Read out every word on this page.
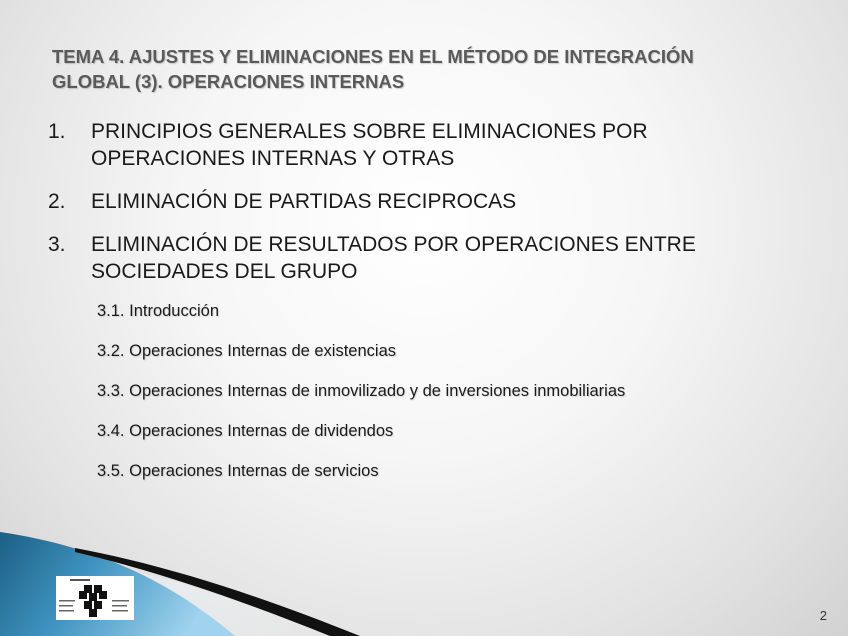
TEMA 4. AJUSTES Y ELIMINACIONES EN EL MÉTODO DE INTEGRACIÓN
GLOBAL (3). OPERACIONES INTERNAS
1. PRINCIPIOS GENERALES SOBRE ELIMINACIONES POR
OPERACIONES INTERNAS Y OTRAS
2. ELIMINACIÓN DE PARTIDAS RECIPROCAS
3. ELIMINACIÓN DE RESULTADOS POR OPERACIONES ENTRE
SOCIEDADES DEL GRUPO
3.1. Introducción
3.2. Operaciones Internas de existencias
3.3. Operaciones Internas de inmovilizado y de inversiones inmobiliarias
3.4. Operaciones Internas de dividendos
3.5. Operaciones Internas de servicios
2
